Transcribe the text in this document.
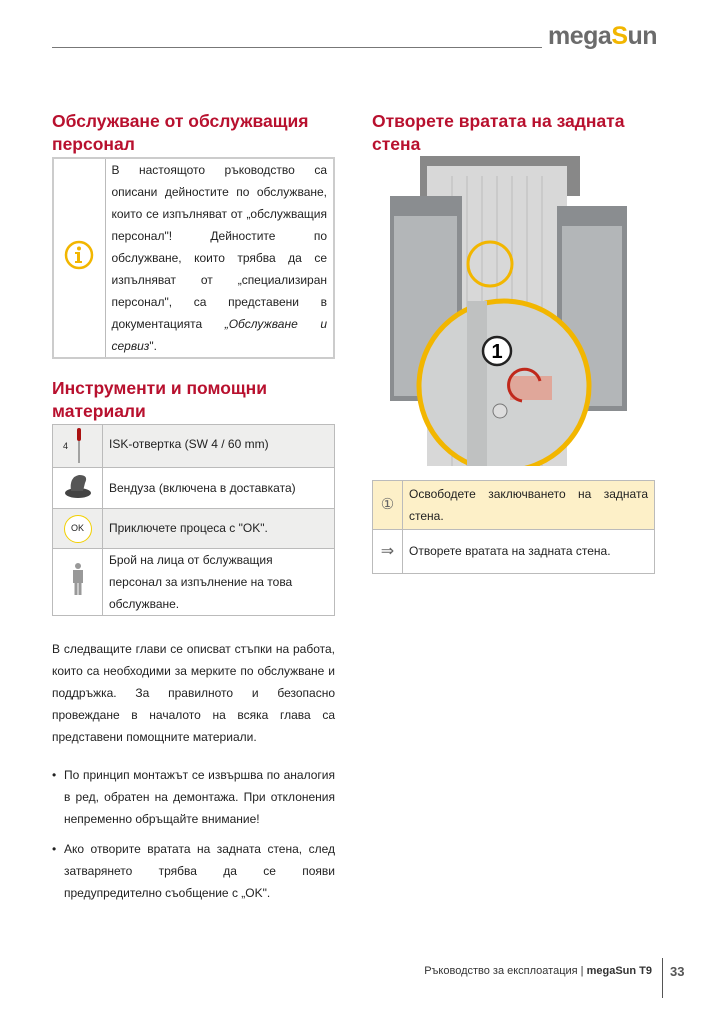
megaSun
Обслужване от обслужващия персонал
	В настоящото ръководство са описани дейностите по обслужване, които се изпълняват от „обслужващия персонал"! Дейностите по обслужване, които трябва да се изпълняват от „специализиран персонал", са представени в документацията „Обслужване и сервиз".
Инструменти и помощни материали
4	ISK-отвертка (SW 4 / 60 mm)
	Вендуза (включена в доставката)
OK	Приключете процеса с "OK".
	Брой на лица от бслужващия персонал за изпълнение на това обслужване.
В следващите глави се описват стъпки на работа, които са необходими за мерките по обслужване и поддръжка. За правилното и безопасно провеждане в началото на всяка глава са представени помощните материали.
• По принцип монтажът се извършва по аналогия в ред, обратен на демонтажа. При отклонения непременно обръщайте внимание!
• Ако отворите вратата на задната стена, след затварянето трябва да се появи предупредително съобщение с „OK".
Отворете вратата на задната стена
1
①	Освободете заключването на задната стена.
⇒	Отворете вратата на задната стена.
Ръководство за експлоатация | megaSun T9 33
